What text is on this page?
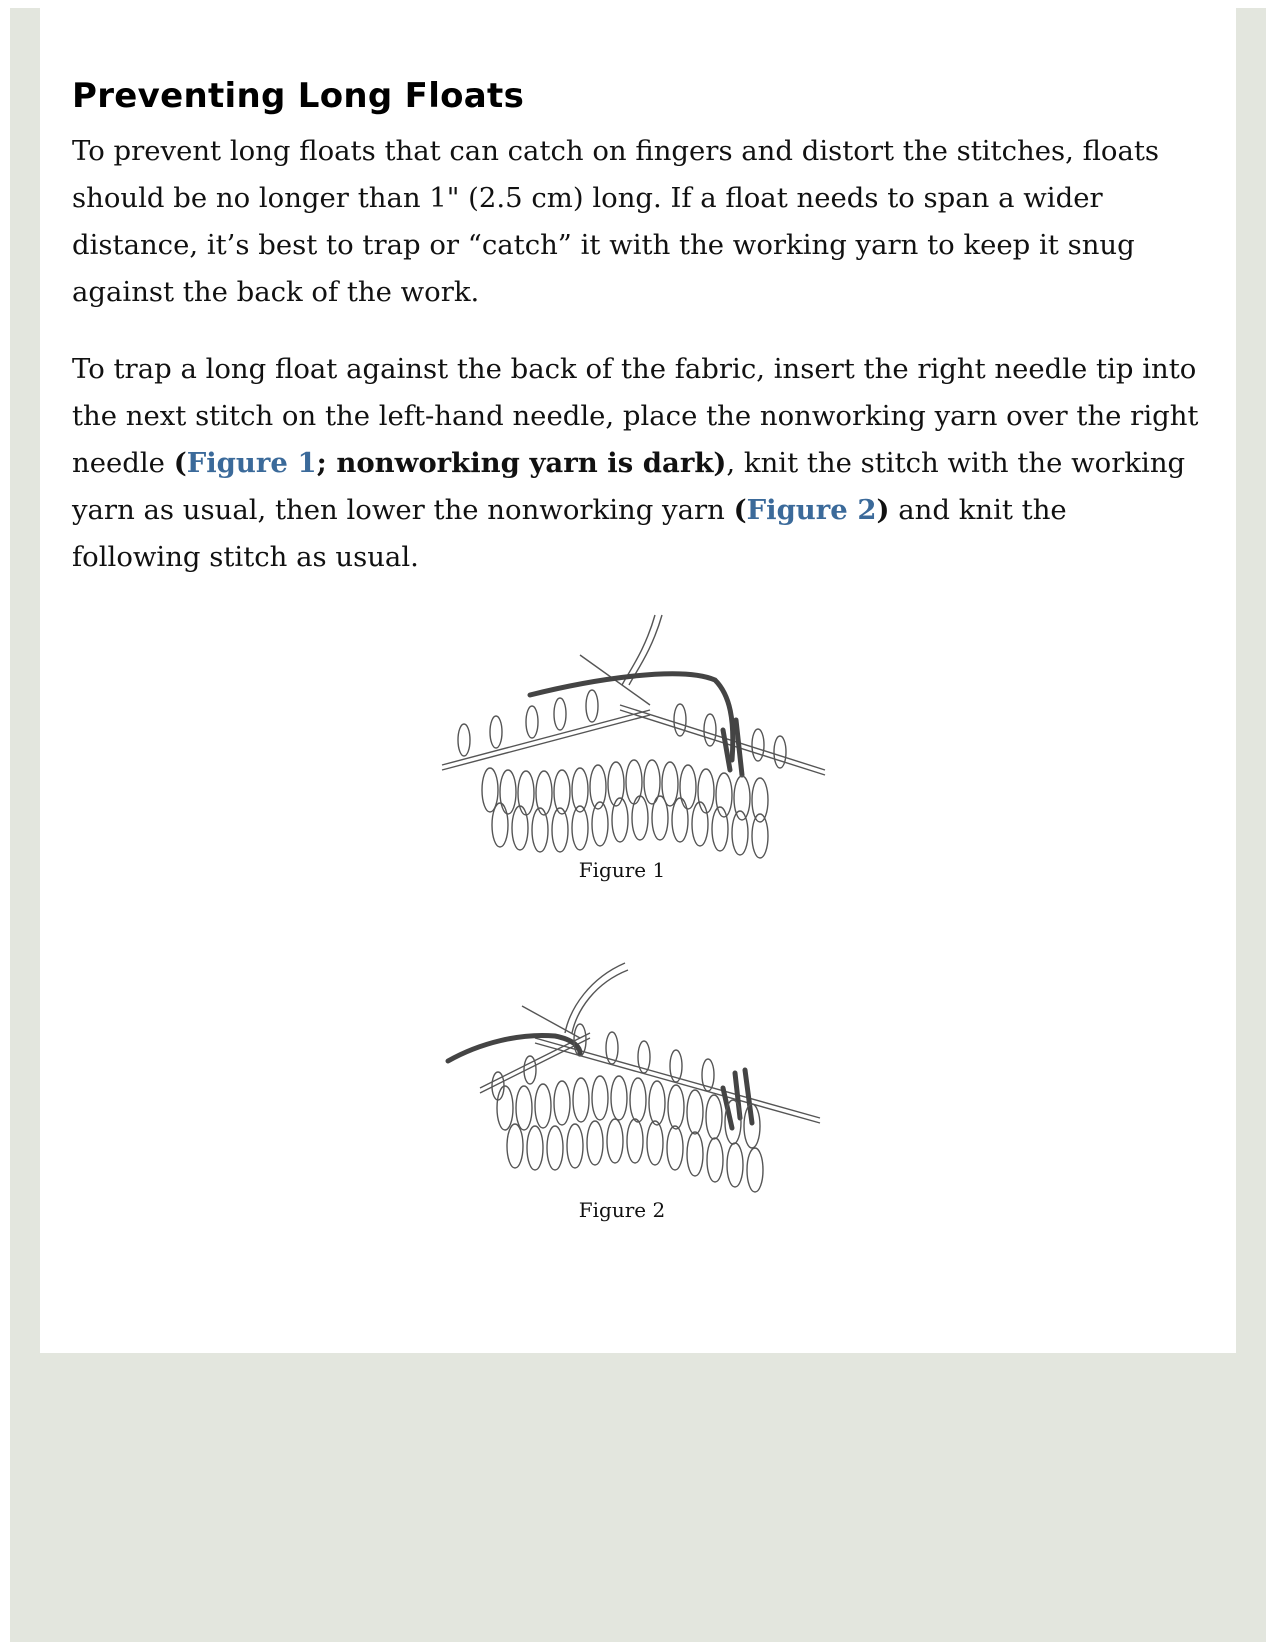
Preventing Long Floats

To prevent long floats that can catch on fingers and distort the stitches, floats should be no longer than 1" (2.5 cm) long. If a float needs to span a wider distance, it’s best to trap or “catch” it with the working yarn to keep it snug against the back of the work.

To trap a long float against the back of the fabric, insert the right needle tip into the next stitch on the left-hand needle, place the nonworking yarn over the right needle (Figure 1; nonworking yarn is dark), knit the stitch with the working yarn as usual, then lower the nonworking yarn (Figure 2) and knit the following stitch as usual.

Figure 1
Figure 2
